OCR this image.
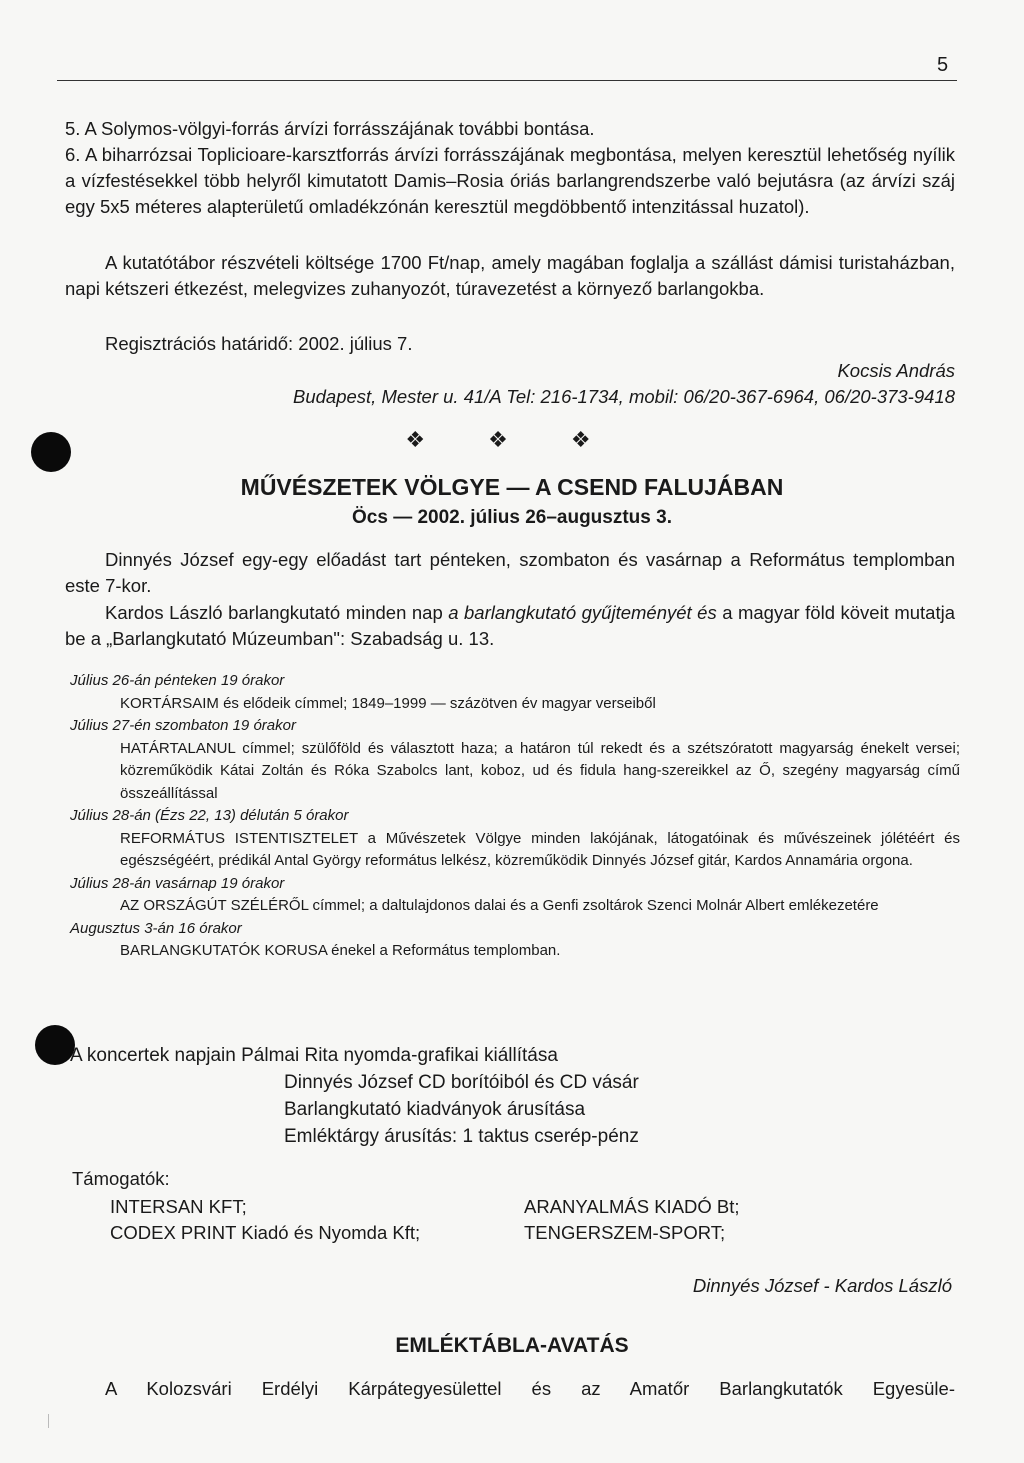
5
5. A Solymos-völgyi-forrás árvízi forrásszájának további bontása.
6. A biharrózsai Toplicioare-karsztforrás árvízi forrásszájának megbontása, melyen keresztül lehetőség nyílik a vízfestésekkel több helyről kimutatott Damis–Rosia óriás barlangrendszerbe való bejutásra (az árvízi száj egy 5x5 méteres alapterületű omladékzónán keresztül megdöbbentő intenzitással huzatol).
A kutatótábor részvételi költsége 1700 Ft/nap, amely magában foglalja a szállást dámisi turistaházban, napi kétszeri étkezést, melegvizes zuhanyozót, túravezetést a környező barlangokba.
Regisztrációs határidő: 2002. július 7.
Kocsis András
Budapest, Mester u. 41/A Tel: 216-1734, mobil: 06/20-367-6964, 06/20-373-9418
❖ ❖ ❖
MŰVÉSZETEK VÖLGYE — A CSEND FALUJÁBAN
Öcs — 2002. július 26–augusztus 3.
Dinnyés József egy-egy előadást tart pénteken, szombaton és vasárnap a Református templomban este 7-kor.
Kardos László barlangkutató minden nap a barlangkutató gyűjteményét és a magyar föld köveit mutatja be a „Barlangkutató Múzeumban": Szabadság u. 13.
Július 26-án pénteken 19 órakor
KORTÁRSAIM és elődeik címmel; 1849–1999 — százötven év magyar verseiből
Július 27-én szombaton 19 órakor
HATÁRTALANUL címmel; szülőföld és választott haza; a határon túl rekedt és a szétszóratott magyarság énekelt versei; közreműködik Kátai Zoltán és Róka Szabolcs lant, koboz, ud és fidula hang-szereikkel az Ő, szegény magyarság című összeállítással
Július 28-án (Ézs 22, 13) délután 5 órakor
REFORMÁTUS ISTENTISZTELET a Művészetek Völgye minden lakójának, látogatóinak és művészeinek jólétéért és egészségéért, prédikál Antal György református lelkész, közreműködik Dinnyés József gitár, Kardos Annamária orgona.
Július 28-án vasárnap 19 órakor
AZ ORSZÁGÚT SZÉLÉRŐL címmel; a daltulajdonos dalai és a Genfi zsoltárok Szenci Molnár Albert emlékezetére
Augusztus 3-án 16 órakor
BARLANGKUTATÓK KORUSA énekel a Református templomban.
A koncertek napjain Pálmai Rita nyomda-grafikai kiállítása
Dinnyés József CD borítóiból és CD vásár
Barlangkutató kiadványok árusítása
Emléktárgy árusítás: 1 taktus cserép-pénz
Támogatók:
INTERSAN KFT;
CODEX PRINT Kiadó és Nyomda Kft;
ARANYALMÁS KIADÓ Bt;
TENGERSZEM-SPORT;
Dinnyés József - Kardos László
EMLÉKTÁBLA-AVATÁS
A Kolozsvári Erdélyi Kárpátegyesülettel és az Amatőr Barlangkutatók Egyesüle-
